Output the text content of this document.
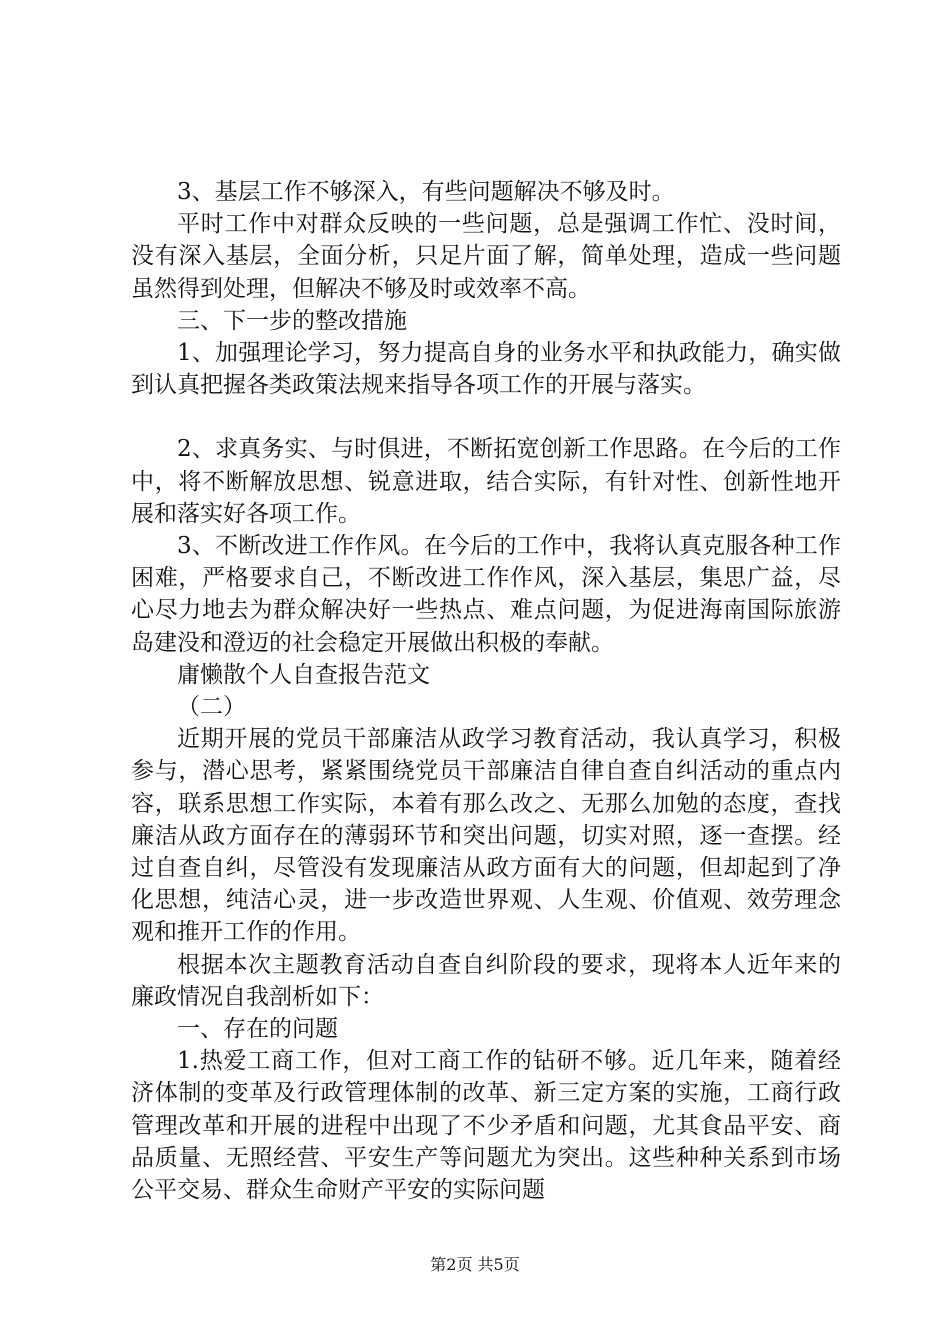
3、基层工作不够深入，有些问题解决不够及时。

平时工作中对群众反映的一些问题，总是强调工作忙、没时间，没有深入基层，全面分析，只足片面了解，简单处理，造成一些问题虽然得到处理，但解决不够及时或效率不高。

三、下一步的整改措施

1、加强理论学习，努力提高自身的业务水平和执政能力，确实做到认真把握各类政策法规来指导各项工作的开展与落实。

2、求真务实、与时俱进，不断拓宽创新工作思路。在今后的工作中，将不断解放思想、锐意进取，结合实际，有针对性、创新性地开展和落实好各项工作。

3、不断改进工作作风。在今后的工作中，我将认真克服各种工作困难，严格要求自己，不断改进工作作风，深入基层，集思广益，尽心尽力地去为群众解决好一些热点、难点问题，为促进海南国际旅游岛建没和澄迈的社会稳定开展做出积极的奉献。

庸懒散个人自查报告范文

（二）

近期开展的党员干部廉洁从政学习教育活动，我认真学习，积极参与，潜心思考，紧紧围绕党员干部廉洁自律自查自纠活动的重点内容，联系思想工作实际，本着有那么改之、无那么加勉的态度，查找廉洁从政方面存在的薄弱环节和突出问题，切实对照，逐一查摆。经过自查自纠，尽管没有发现廉洁从政方面有大的问题，但却起到了净化思想，纯洁心灵，进一步改造世界观、人生观、价值观、效劳理念观和推开工作的作用。

根据本次主题教育活动自查自纠阶段的要求，现将本人近年来的廉政情况自我剖析如下：

一、存在的问题

1.热爱工商工作，但对工商工作的钻研不够。近几年来，随着经济体制的变革及行政管理体制的改革、新三定方案的实施，工商行政管理改革和开展的进程中出现了不少矛盾和问题，尤其食品平安、商品质量、无照经营、平安生产等问题尤为突出。这些种种关系到市场公平交易、群众生命财产平安的实际问题

第2页 共5页
